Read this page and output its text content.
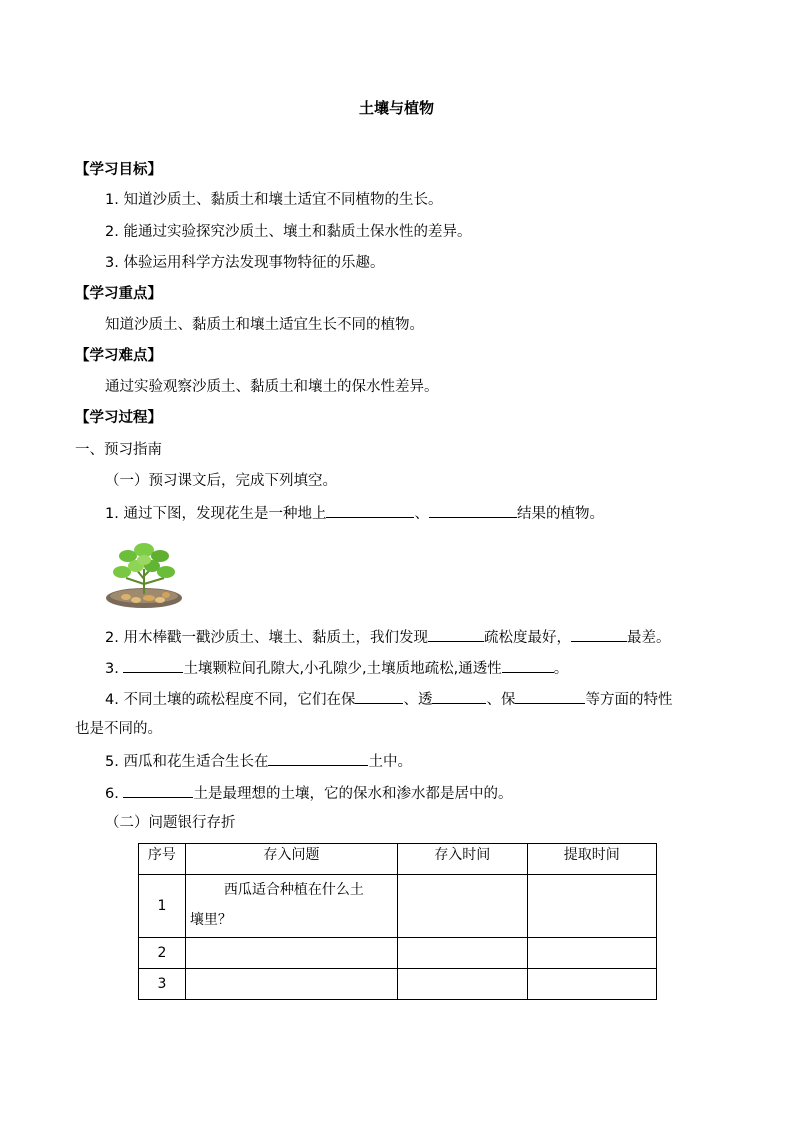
土壤与植物
【学习目标】
1. 知道沙质土、黏质土和壤土适宜不同植物的生长。
2. 能通过实验探究沙质土、壤土和黏质土保水性的差异。
3. 体验运用科学方法发现事物特征的乐趣。
【学习重点】
知道沙质土、黏质土和壤土适宜生长不同的植物。
【学习难点】
通过实验观察沙质土、黏质土和壤土的保水性差异。
【学习过程】
一、预习指南
（一）预习课文后，完成下列填空。
1. 通过下图，发现花生是一种地上	、	结果的植物。
2. 用木棒戳一戳沙质土、壤土、黏质土，我们发现	疏松度最好，	最差。
3.	土壤颗粒间孔隙大,小孔隙少,土壤质地疏松,通透性	。
4. 不同土壤的疏松程度不同，它们在保	、透	、保	等方面的特性
也是不同的。
5. 西瓜和花生适合生长在	土中。
6.	土是最理想的土壤，它的保水和渗水都是居中的。
（二）问题银行存折
序号	存入问题	存入时间	提取时间
1	西瓜适合种植在什么土
壤里？		

2			
3			
